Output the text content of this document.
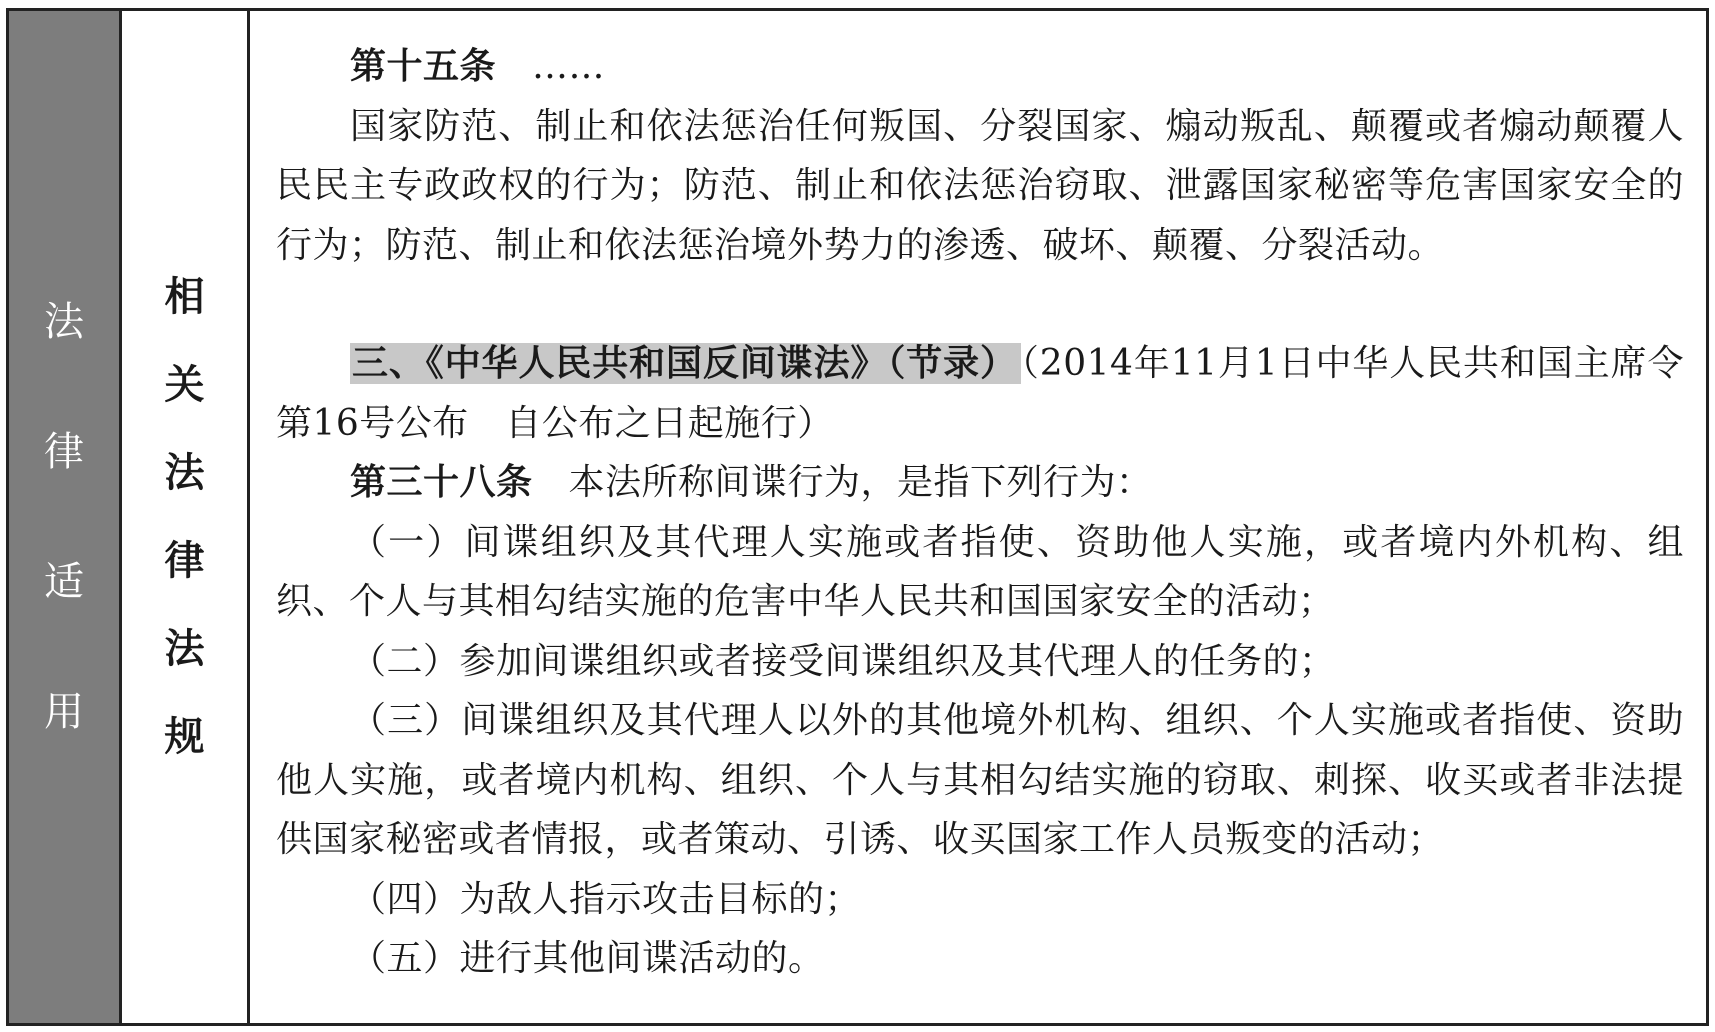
法
律
适
用
相
关
法
律
法
规

第十五条 ……

国家防范、制止和依法惩治任何叛国、分裂国家、煽动叛乱、颠覆或者煽动颠覆人民民主专政政权的行为；防范、制止和依法惩治窃取、泄露国家秘密等危害国家安全的行为；防范、制止和依法惩治境外势力的渗透、破坏、颠覆、分裂活动。

三、《中华人民共和国反间谍法》（节录） （2014年11月1日中华人民共和国主席令第16号公布　自公布之日起施行）

第三十八条 本法所称间谍行为，是指下列行为：

（一）间谍组织及其代理人实施或者指使、资助他人实施，或者境内外机构、组织、个人与其相勾结实施的危害中华人民共和国国家安全的活动；

（二）参加间谍组织或者接受间谍组织及其代理人的任务的；

（三）间谍组织及其代理人以外的其他境外机构、组织、个人实施或者指使、资助他人实施，或者境内机构、组织、个人与其相勾结实施的窃取、刺探、收买或者非法提供国家秘密或者情报，或者策动、引诱、收买国家工作人员叛变的活动；

（四）为敌人指示攻击目标的；

（五）进行其他间谍活动的。
